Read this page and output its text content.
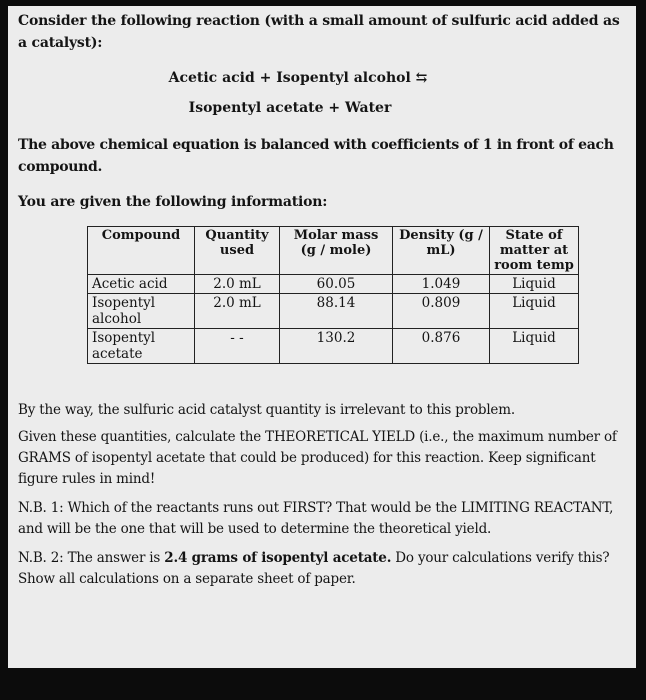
Consider the following reaction (with a small amount of sulfuric acid added as a catalyst):

Acetic acid + Isopentyl alcohol ⇆
Isopentyl acetate + Water

The above chemical equation is balanced with coefficients of 1 in front of each compound.

You are given the following information:

Compound	Quantity used	Molar mass (g / mole)	Density (g / mL)	State of matter at room temp
Acetic acid	2.0 mL	60.05	1.049	Liquid
Isopentyl alcohol	2.0 mL	88.14	0.809	Liquid
Isopentyl acetate	- -	130.2	0.876	Liquid

By the way, the sulfuric acid catalyst quantity is irrelevant to this problem.

Given these quantities, calculate the THEORETICAL YIELD (i.e., the maximum number of GRAMS of isopentyl acetate that could be produced) for this reaction. Keep significant figure rules in mind!

N.B. 1: Which of the reactants runs out FIRST? That would be the LIMITING REACTANT, and will be the one that will be used to determine the theoretical yield.

N.B. 2: The answer is 2.4 grams of isopentyl acetate. Do your calculations verify this? Show all calculations on a separate sheet of paper.
